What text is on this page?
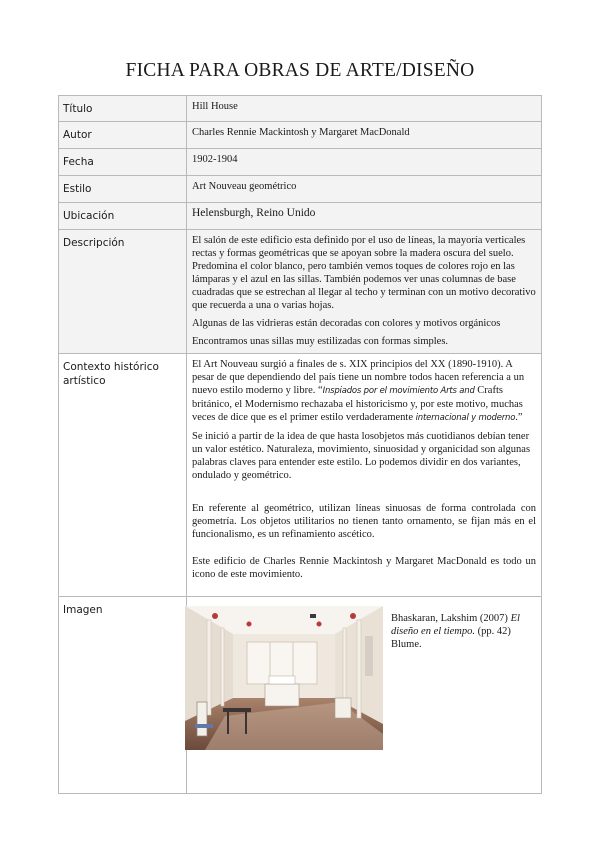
FICHA PARA OBRAS DE ARTE/DISEÑO
Título	Hill House
Autor	Charles Rennie Mackintosh y Margaret MacDonald
Fecha	1902-1904
Estilo	Art Nouveau geométrico
Ubicación	Helensburgh, Reino Unido
Descripción	El salón de este edificio esta definido por el uso de líneas, la mayoría verticales rectas y formas geométricas que se apoyan sobre la madera oscura del suelo. Predomina el color blanco, pero también vemos toques de colores rojo en las lámparas y el azul en las sillas. También podemos ver unas columnas de base cuadradas que se estrechan al llegar al techo y terminan con un motivo decorativo que recuerda a una o varias hojas.

Algunas de las vidrieras están decoradas con colores y motivos orgánicos

Encontramos unas sillas muy estilizadas con formas simples.

Contexto histórico artístico	El Art Nouveau surgió a finales de s. XIX principios del XX (1890-1910). A pesar de que dependiendo del país tiene un nombre todos hacen referencia a un nuevo estilo moderno y libre. “Inspiados por el movimiento Arts and Crafts británico, el Modernismo rechazaba el historicismo y, por este motivo, muchas veces de dice que es el primer estilo verdaderamente internacional y moderno.”

Se inició a partir de la idea de que hasta losobjetos más cuotidianos debían tener un valor estético. Naturaleza, movimiento, sinuosidad y organicidad son algunas palabras claves para entender este estilo. Lo podemos dividir en dos variantes, ondulado y geométrico.

En referente al geométrico, utilizan líneas sinuosas de forma controlada con geometría. Los objetos utilitarios no tienen tanto ornamento, se fijan más en el funcionalismo, es un refinamiento ascético.

Este edificio de Charles Rennie Mackintosh y Margaret MacDonald es todo un icono de este movimiento.

Imagen	
Bhaskaran, Lakshim (2007) El diseño en el tiempo. (pp. 42)
Blume.
